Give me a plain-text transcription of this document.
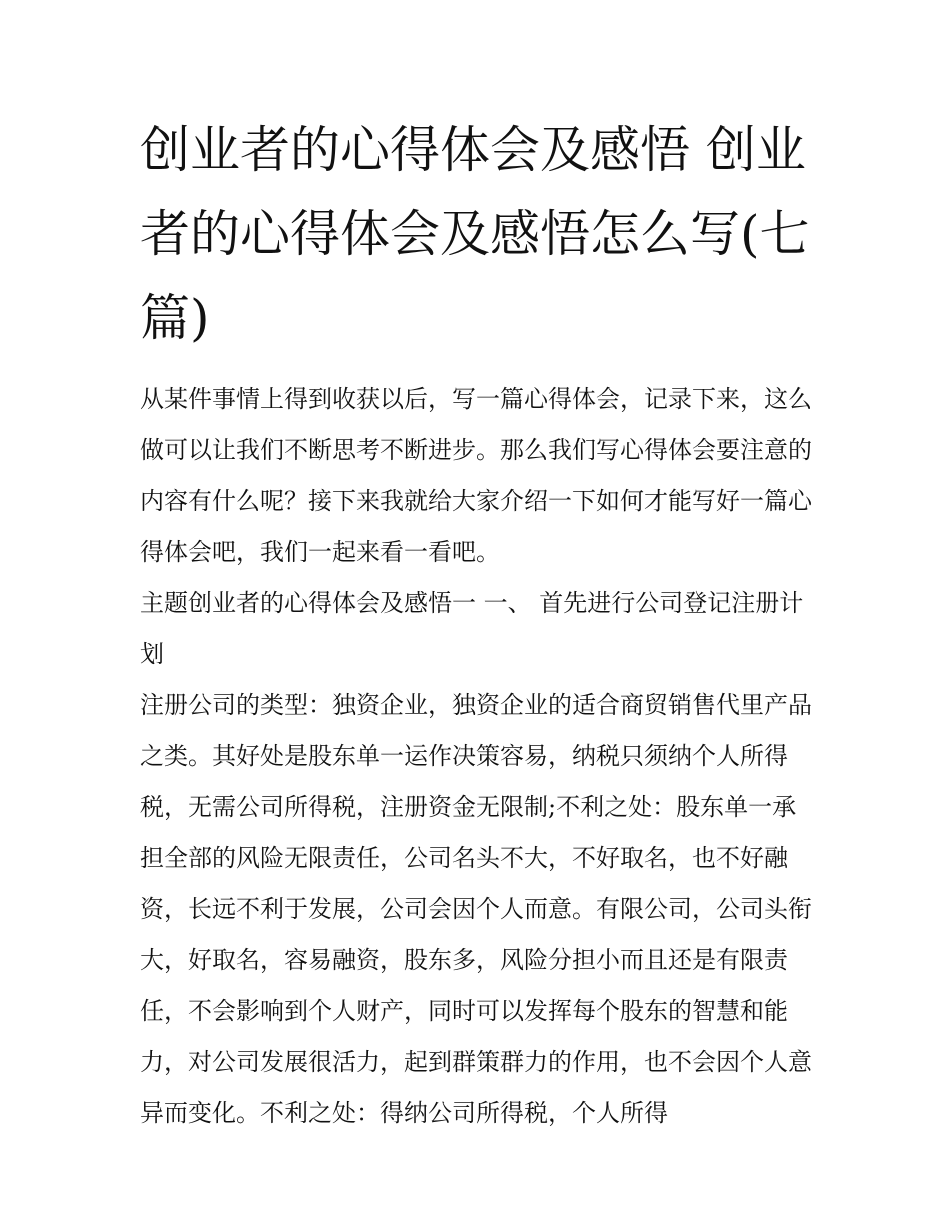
创业者的心得体会及感悟 创业者的心得体会及感悟怎么写(七篇)

从某件事情上得到收获以后，写一篇心得体会，记录下来，这么做可以让我们不断思考不断进步。那么我们写心得体会要注意的内容有什么呢？接下来我就给大家介绍一下如何才能写好一篇心得体会吧，我们一起来看一看吧。

主题创业者的心得体会及感悟一 一、 首先进行公司登记注册计划

注册公司的类型：独资企业，独资企业的适合商贸销售代里产品之类。其好处是股东单一运作决策容易，纳税只须纳个人所得税，无需公司所得税，注册资金无限制;不利之处：股东单一承担全部的风险无限责任，公司名头不大，不好取名，也不好融资，长远不利于发展，公司会因个人而意。有限公司，公司头衔大，好取名，容易融资，股东多，风险分担小而且还是有限责任，不会影响到个人财产，同时可以发挥每个股东的智慧和能力，对公司发展很活力，起到群策群力的作用，也不会因个人意异而变化。不利之处：得纳公司所得税，个人所得
